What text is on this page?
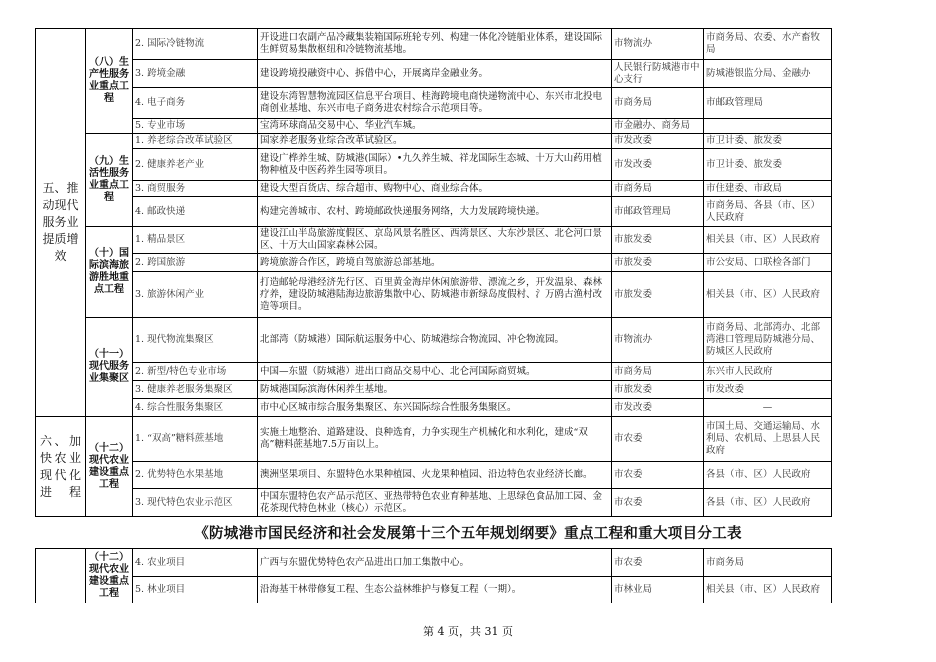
五、推动现代服务业提质增效	（八）生产性服务业重点工程	2. 国际冷链物流	开设进口农副产品冷藏集装箱国际班轮专列、构建一体化冷链船业体系，建设国际生鲜贸易集散枢纽和冷链物流基地。	市物流办	市商务局、农委、水产畜牧局
		3. 跨境金融	建设跨境投融资中心、拆借中心，开展离岸金融业务。	人民银行防城港市中心支行	防城港银监分局、金融办
		4. 电子商务	建设东湾智慧物流园区信息平台项目、桂海跨境电商快递物流中心、东兴市北投电商创业基地、东兴市电子商务进农村综合示范项目等。	市商务局	市邮政管理局
		5. 专业市场	宝湾环球商品交易中心、华业汽车城。	市金融办、商务局	
	（九）生活性服务业重点工程	1. 养老综合改革试验区	国家养老服务业综合改革试验区。	市发改委	市卫计委、旅发委
		2. 健康养老产业	建设广桦养生城、防城港(国际）•九久养生城、祥龙国际生态城、十万大山药用植物种植及中医药养生园等项目。	市发改委	市卫计委、旅发委
		3. 商贸服务	建设大型百货店、综合超市、购物中心、商业综合体。	市商务局	市住建委、市政局
		4. 邮政快递	构建完善城市、农村、跨境邮政快递服务网络，大力发展跨境快递。	市邮政管理局	市商务局、各县（市、区）人民政府
	（十）国际滨海旅游胜地重点工程	1. 精品景区	建设江山半岛旅游度假区、京岛风景名胜区、西湾景区、大东沙景区、北仑河口景区、十万大山国家森林公园。	市旅发委	相关县（市、区）人民政府
		2. 跨国旅游	跨境旅游合作区，跨境自驾旅游总部基地。	市旅发委	市公安局、口联检各部门
		3. 旅游休闲产业	打造邮轮母港经济先行区、百里黄金海岸休闲旅游带、漂流之乡，开发温泉、森林疗养，建设防城港陆海边旅游集散中心、防城港市新绿岛度假村、氵万鸥古渔村改造等项目。	市旅发委	相关县（市、区）人民政府
	（十一）现代服务业集聚区	1. 现代物流集聚区	北部湾（防城港）国际航运服务中心、防城港综合物流园、冲仑物流园。	市物流办	市商务局、北部湾办、北部湾港口管理局防城港分局、防城区人民政府
		2. 新型/特色专业市场	中国—东盟（防城港）进出口商品交易中心、北仑河国际商贸城。	市商务局	东兴市人民政府
		3. 健康养老服务集聚区	防城港国际滨海休闲养生基地。	市旅发委	市发改委
		4. 综合性服务集聚区	市中心区城市综合服务集聚区、东兴国际综合性服务集聚区。	市发改委	—
六、加快农业现代化进程	（十二）现代农业建设重点工程	1. “双高”糖料蔗基地	实施土地整治、道路建设、良种选育，力争实现生产机械化和水利化，建成“双高”糖料蔗基地7.5万亩以上。	市农委	市国土局、交通运输局、水利局、农机局、上思县人民政府
		2. 优势特色水果基地	澳洲坚果项目、东盟特色水果种植园、火龙果种植园、沿边特色农业经济长廊。	市农委	各县（市、区）人民政府
		3. 现代特色农业示范区	中国东盟特色农产品示范区、亚热带特色农业育种基地、上思绿色食品加工园、金花茶现代特色林业（核心）示范区。	市农委	各县（市、区）人民政府
《防城港市国民经济和社会发展第十三个五年规划纲要》重点工程和重大项目分工表
	（十二）现代农业建设重点工程	4. 农业项目	广西与东盟优势特色农产品进出口加工集散中心。	市农委	市商务局
		5. 林业项目	沿海基干林带修复工程、生态公益林维护与修复工程（一期）。	市林业局	相关县（市、区）人民政府
第 4 页，共 31 页
